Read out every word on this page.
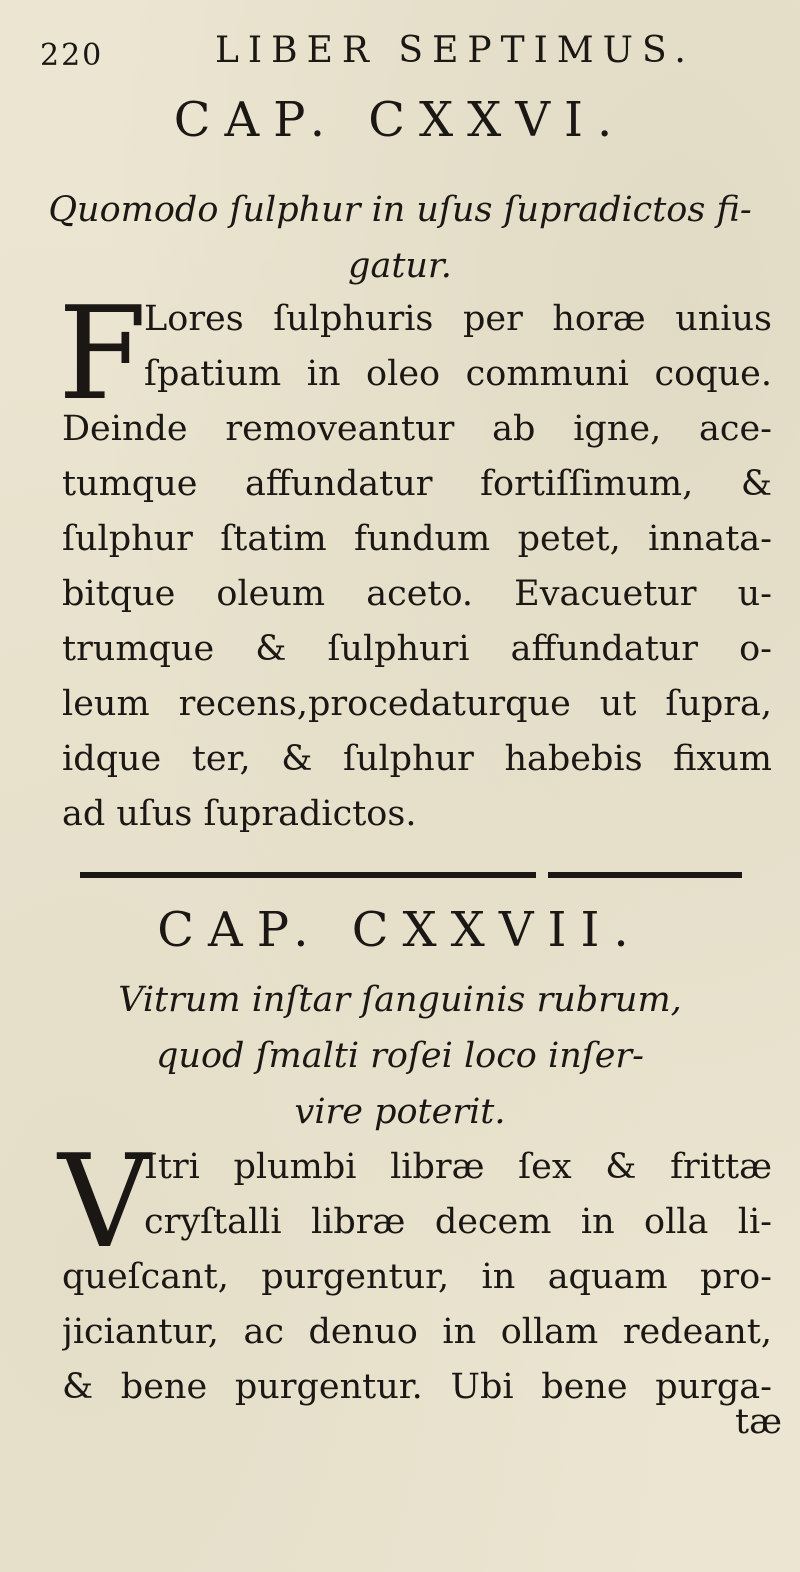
220	LIBER SEPTIMUS.
CAP. CXXVI.
Quomodo ſulphur in uſus ſupradictos fi-
gatur.
F
Lores ſulphuris per horæ unius
ſpatium in oleo communi coque.
Deinde removeantur ab igne, ace-
tumque affundatur fortiſſimum, &
ſulphur ſtatim fundum petet, innata-
bitque oleum aceto. Evacuetur u-
trumque & ſulphuri affundatur o-
leum recens,procedaturque ut ſupra,
idque ter, & ſulphur habebis fixum
ad uſus ſupradictos.
CAP. CXXVII.
Vitrum inſtar ſanguinis rubrum,
quod ſmalti roſei loco inſer-
vire poterit.
V
Itri plumbi libræ ſex & frittæ
cryſtalli libræ decem in olla li-
queſcant, purgentur, in aquam pro-
jiciantur, ac denuo in ollam redeant,
& bene purgentur. Ubi bene purga-
tæ
